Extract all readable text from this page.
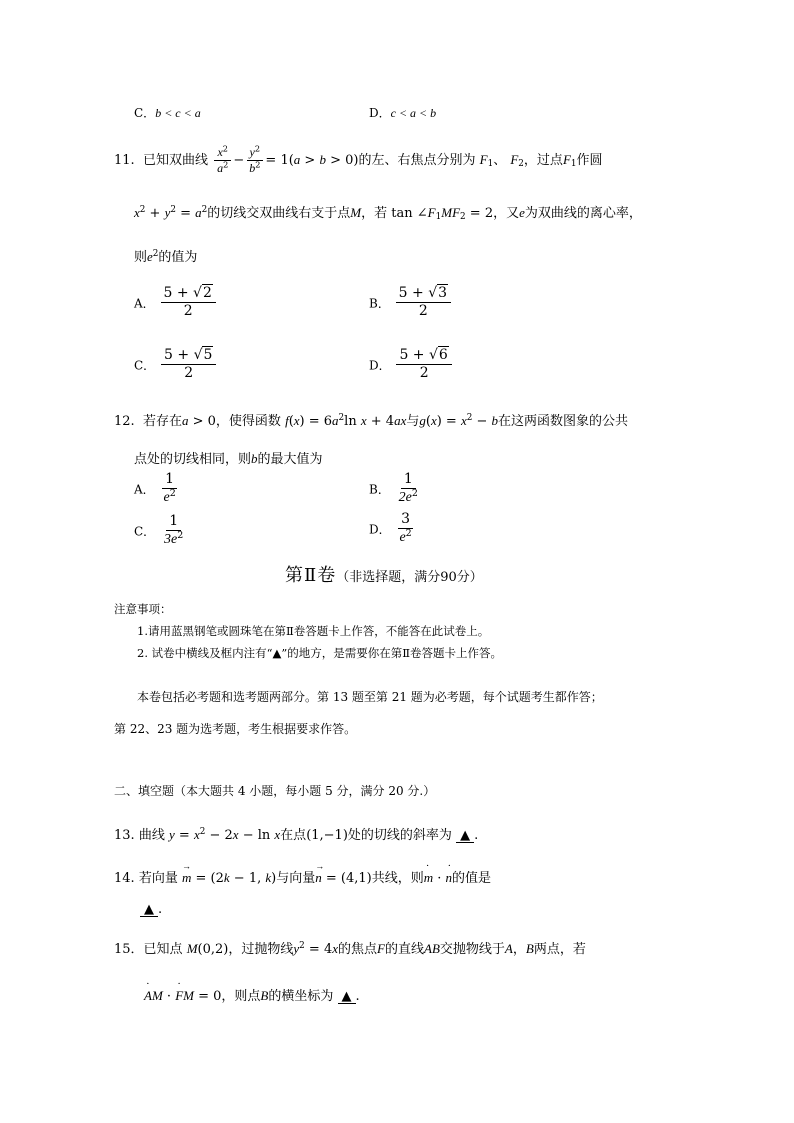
C．b < c < a	D．c < a < b
11. 已知双曲线 $\frac{x^2}{a^2} - \frac{y^2}{b^2} = 1(a > b > 0)$的左、右焦点分别为 $F_1$、 $F_2$，过点$F_1$作圆
$x^2 + y^2 = a^2$的切线交双曲线右支于点M，若 $\tan \angle F_1MF_2 = 2$，又e为双曲线的离心率，
则$e^2$的值为
A． $\frac{5 + √2}{2}$	B． $\frac{5 + √3}{2}$
C． $\frac{5 + √5}{2}$	D． $\frac{5 + √6}{2}$
12. 若存在a > 0，使得函数 $f(x) = 6a^2\ln$ x + 4ax与$g(x) = x^2 - b$在这两函数图象的公共
点处的切线相同，则b的最大值为
A． $\frac{1}{e^2}$	B． $\frac{1}{2e^2}$
C． $\frac{1}{3e^2}$	D． $\frac{3}{e^2}$
第Ⅱ卷（非选择题，满分90分）
注意事项：
1.请用蓝黑钢笔或圆珠笔在第Ⅱ卷答题卡上作答，不能答在此试卷上。
2. 试卷中横线及框内注有“▲”的地方，是需要你在第Ⅱ卷答题卡上作答。
本卷包括必考题和选考题两部分。第 13 题至第 21 题为必考题，每个试题考生都作答；
第 22、23 题为选考题，考生根据要求作答。
二、填空题（本大题共 4 小题，每小题 5 分，满分 20 分.）
13. 曲线 $y = x^2 - 2x - \ln x$在点(1,−1)处的切线的斜率为 ▲ .
14. 若向量 → m = (2k − 1, k)与向量→ n = (4,1)共线，则· m · · n的值是
▲ .
15．已知点 M(0,2)，过抛物线$y^2 = 4x$的焦点F的直线AB交抛物线于A，B两点，若
· AM · · FM = 0，则点B的横坐标为 ▲ .
